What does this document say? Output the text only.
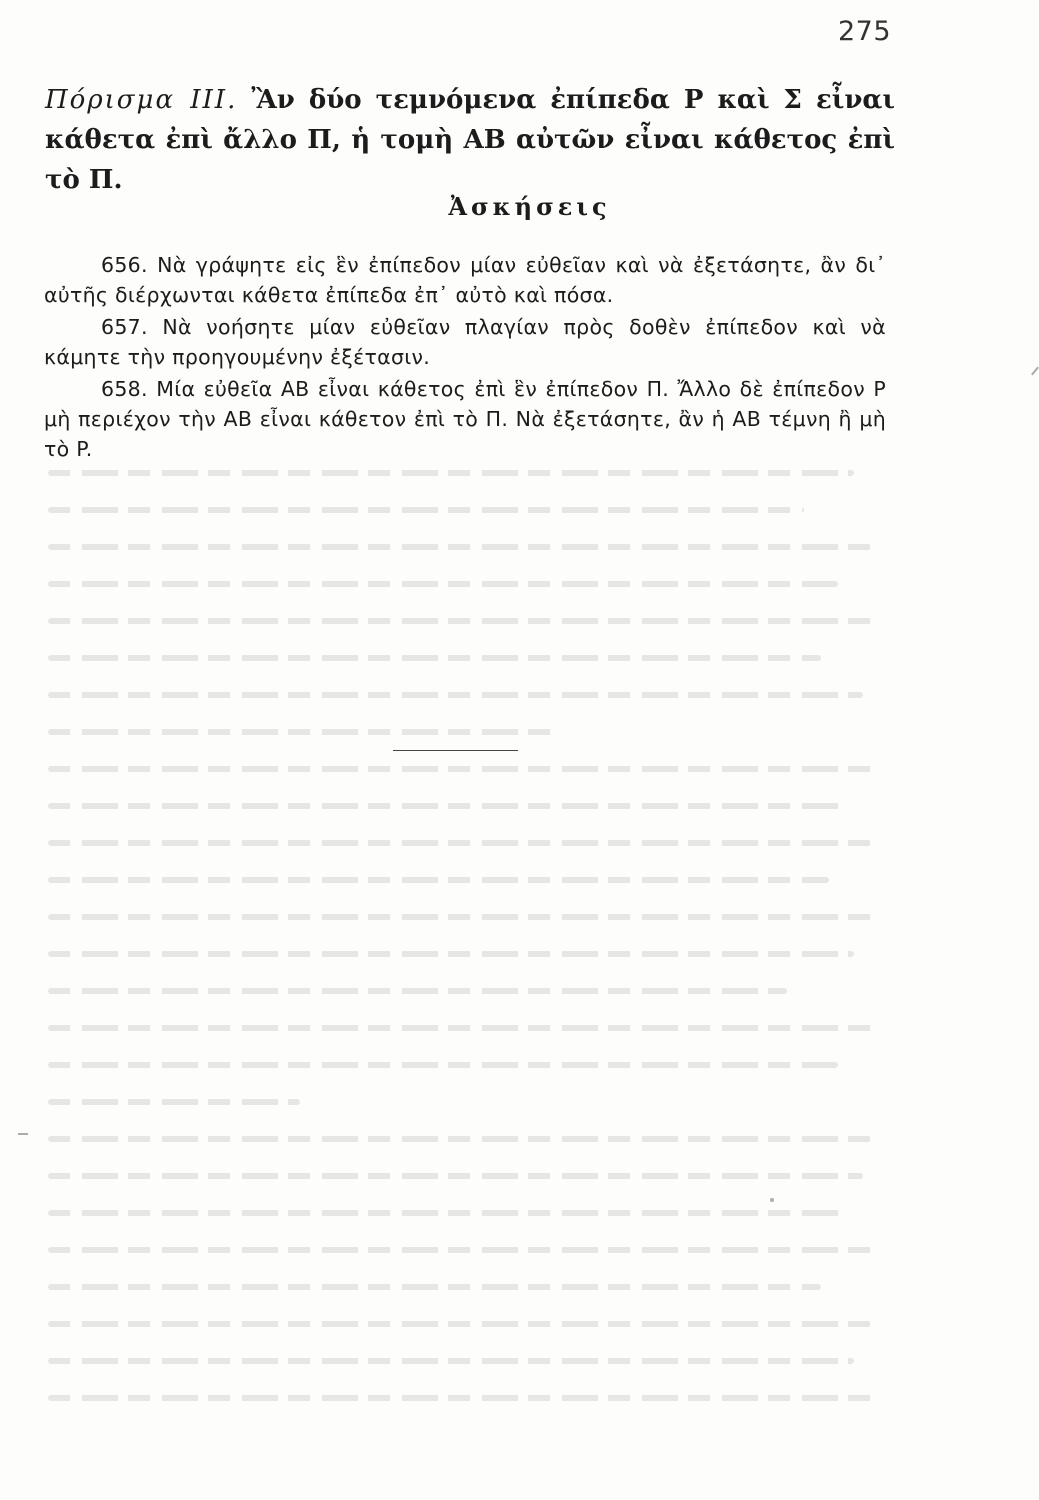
275
Πόρισμα ΙΙΙ. Ἂν δύο τεμνόμενα ἐπίπεδα P καὶ Σ εἶναι κάθετα ἐπὶ ἄλλο Π, ἡ τομὴ AB αὐτῶν εἶναι κάθετος ἐπὶ τὸ Π.
Ἀσκήσεις

656. Νὰ γράψητε εἰς ἓν ἐπίπεδον μίαν εὐθεῖαν καὶ νὰ ἐξετάσητε, ἂν δι᾽ αὐτῆς διέρχωνται κάθετα ἐπίπεδα ἐπ᾽ αὐτὸ καὶ πόσα.

657. Νὰ νοήσητε μίαν εὐθεῖαν πλαγίαν πρὸς δοθὲν ἐπίπεδον καὶ νὰ κάμητε τὴν προηγουμένην ἐξέτασιν.

658. Μία εὐθεῖα AB εἶναι κάθετος ἐπὶ ἓν ἐπίπεδον Π. Ἄλλο δὲ ἐπίπεδον P μὴ περιέχον τὴν AB εἶναι κάθετον ἐπὶ τὸ Π. Νὰ ἐξετάσητε, ἂν ἡ AB τέμνη ἢ μὴ τὸ P.
